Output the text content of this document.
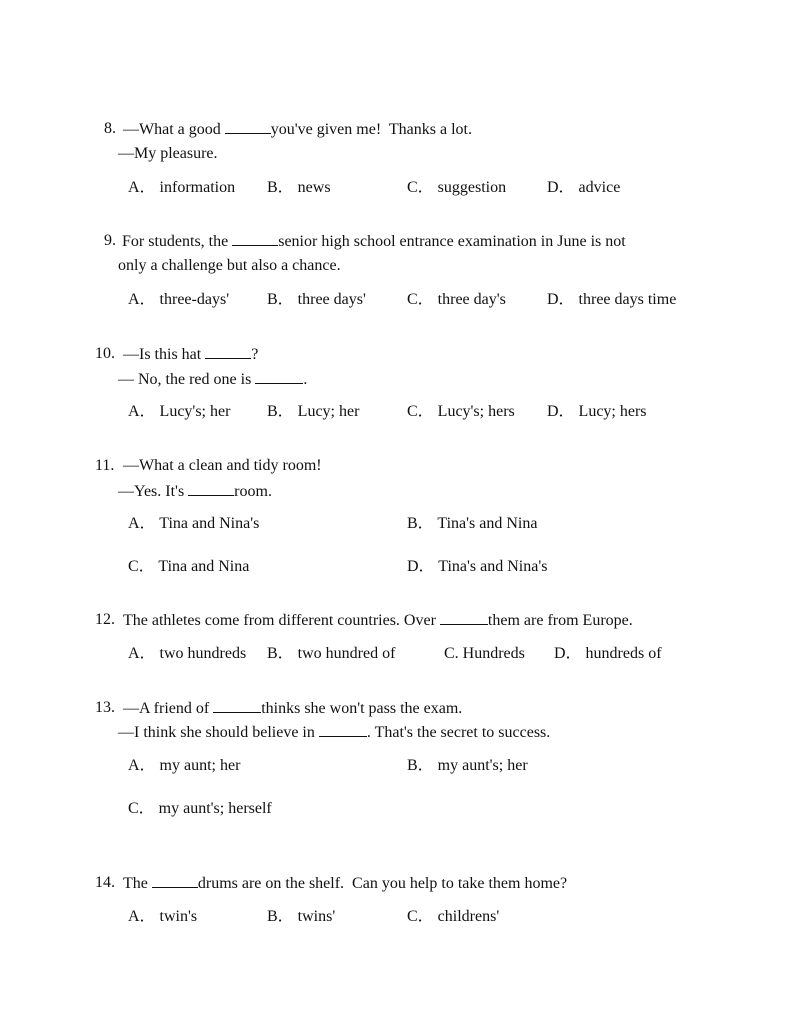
8. —What a good	you've given me!  Thanks a lot.
—My pleasure.
A． information B． news	C． suggestion	D． advice
9. For students, the	senior high school entrance examination in June is not
only a challenge but also a chance.
A． three-days' B． three days'	C． three day's	D． three days time
10. —Is this hat	?
— No, the red one is	.
A． Lucy's; her B． Lucy; her	C． Lucy's; hers D． Lucy; hers
11. —What a clean and tidy room!
—Yes. It's	room.
A． Tina and Nina's	B． Tina's and Nina
C． Tina and Nina	D． Tina's and Nina's
12. The athletes come from different countries. Over	them are from Europe.
A． two hundreds B． two hundred of	C. Hundreds D． hundreds of
13. —A friend of	thinks she won't pass the exam.
—I think she should believe in	. That's the secret to success.
A． my aunt; her	B． my aunt's; her
C． my aunt's; herself
14. The	drums are on the shelf.  Can you help to take them home?
A． twin's	B． twins'	C． childrens'
